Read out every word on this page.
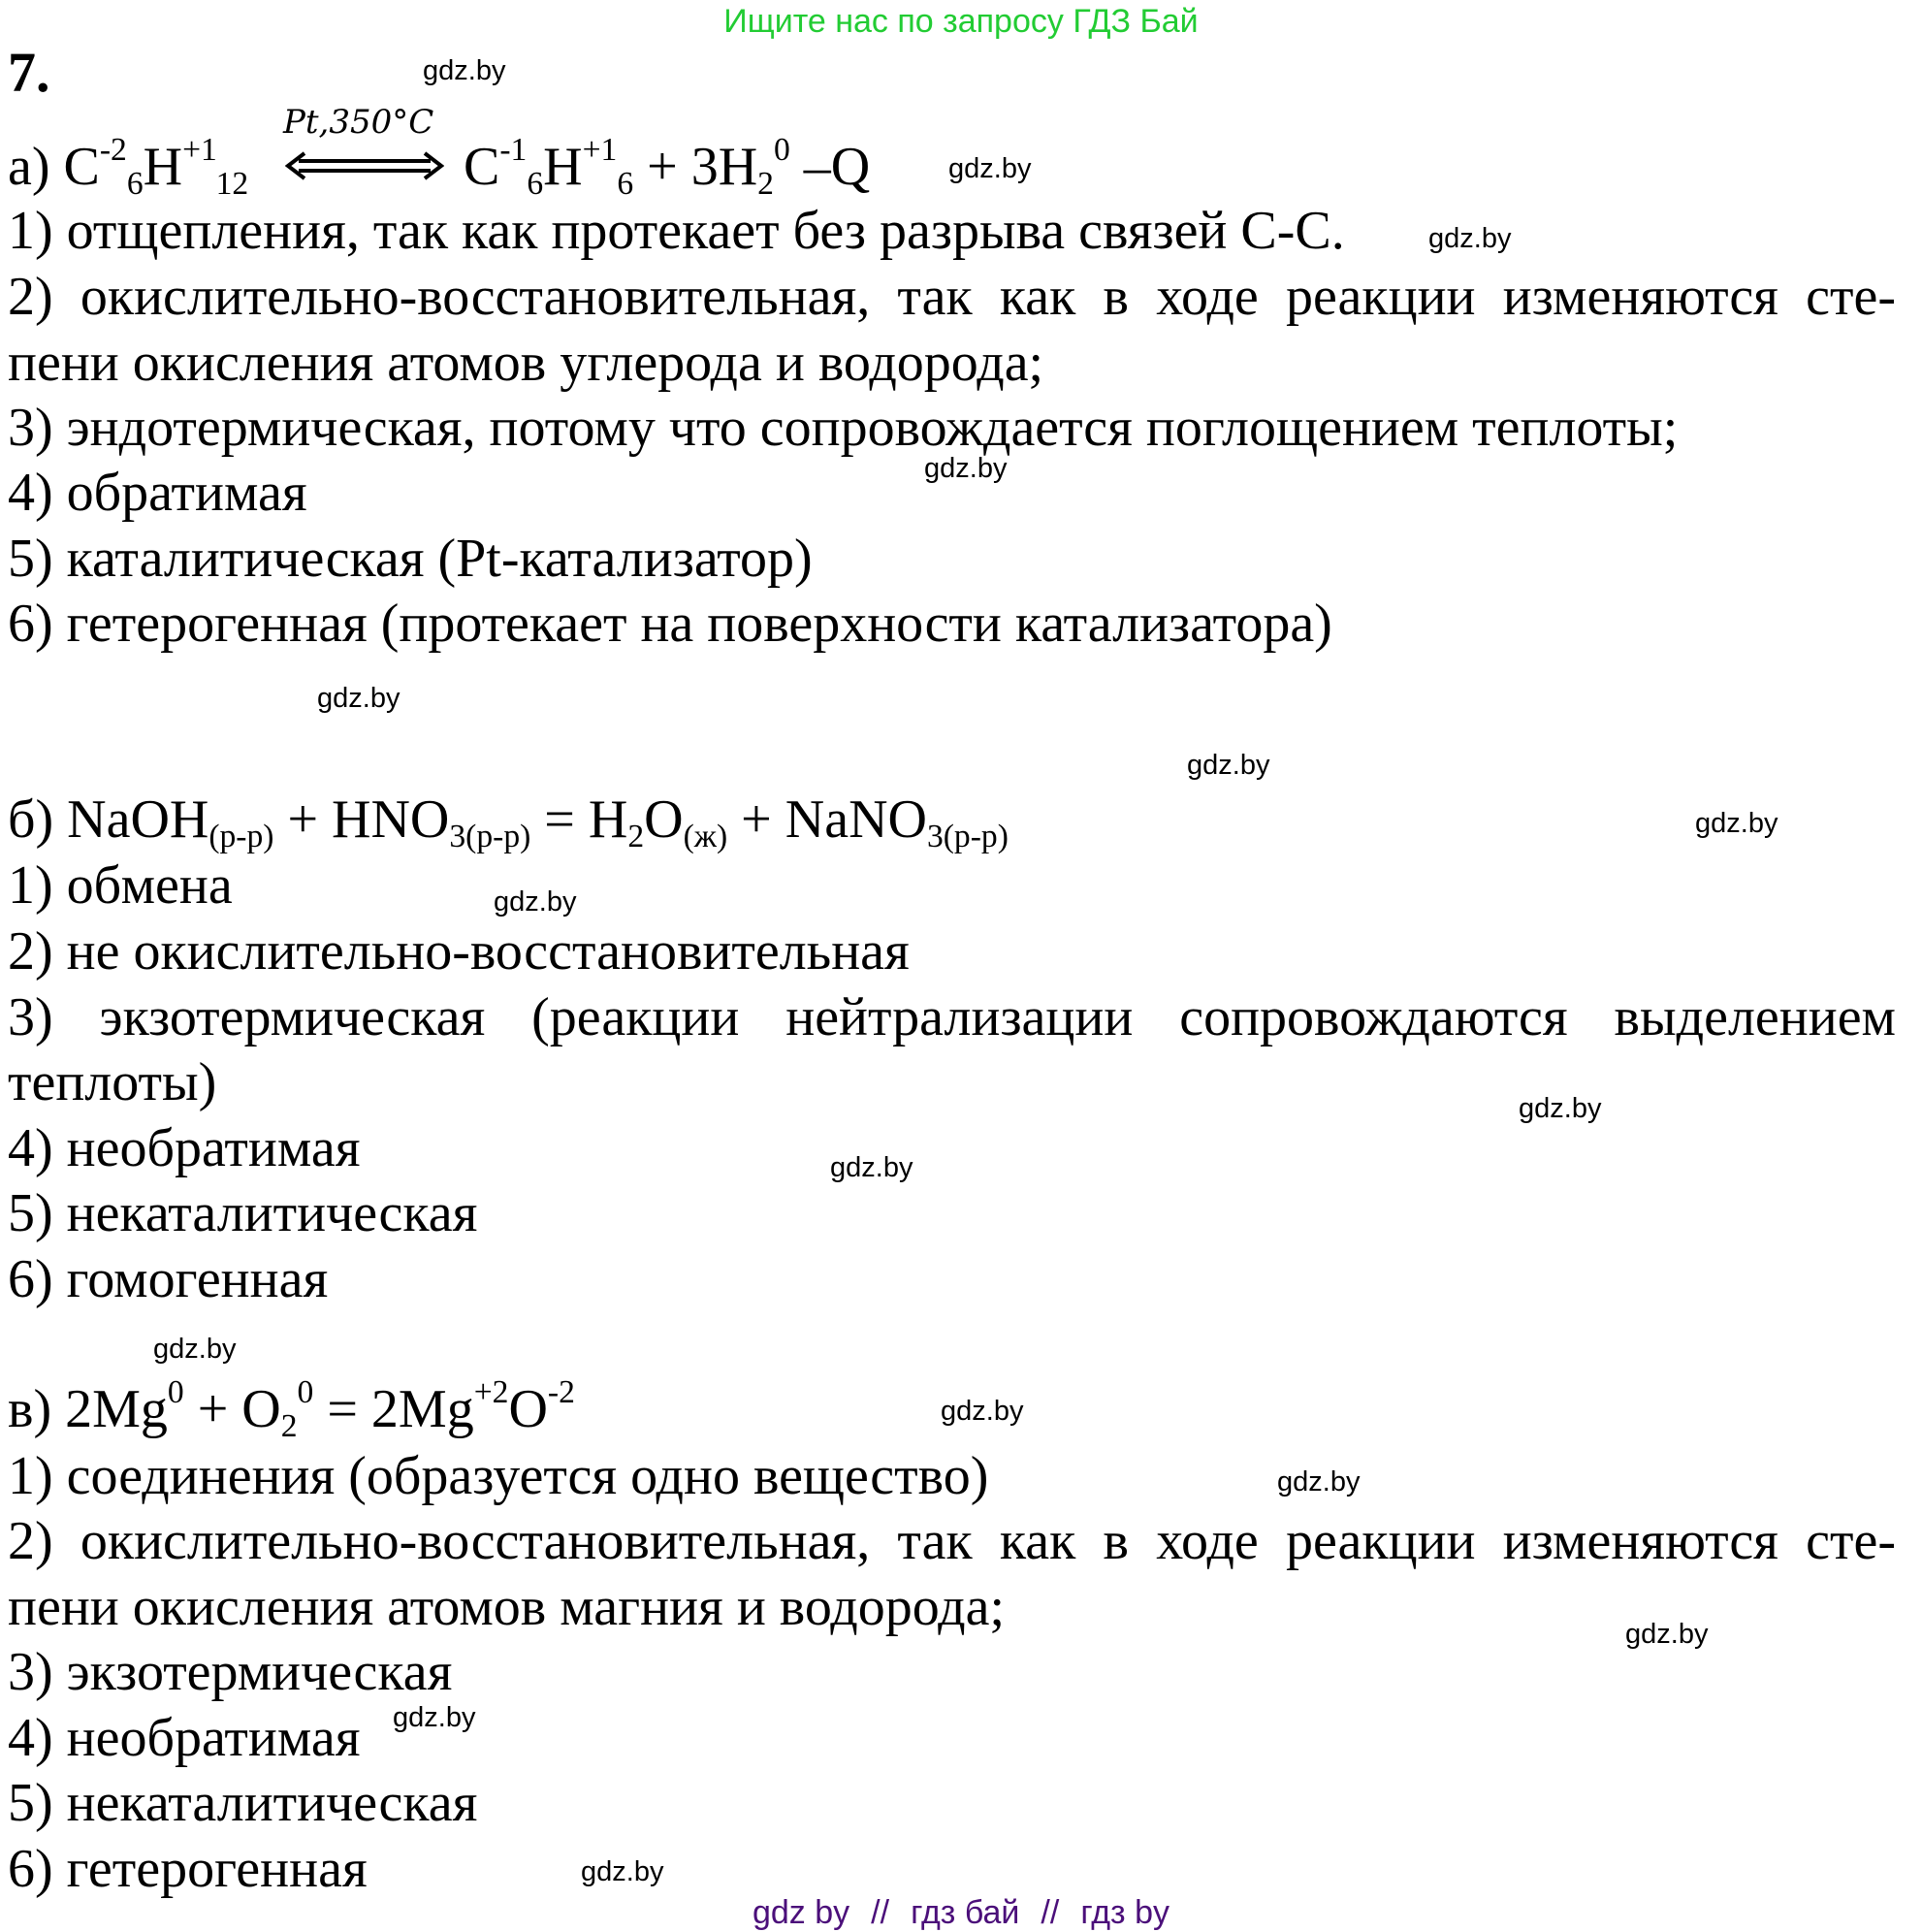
Ищите нас по запросу ГДЗ Бай
7.
Pt,350°C
а) $C^{-2}_6H^{+1}_{12}$	$C^{-1}_6H^{+1}_6 + 3H_2^0$ –Q
1) отщепления, так как протекает без разрыва связей С-С.
2) окислительно-восстановительная, так как в ходе реакции изменяются сте-
пени окисления атомов углерода и водорода;
3) эндотермическая, потому что сопровождается поглощением теплоты;
4) обратимая
5) каталитическая (Pt-катализатор)
6) гетерогенная (протекает на поверхности катализатора)
б) NaOH(р-р) + HNO3(р-р) = H2O(ж) + NaNO3(р-р)
1) обмена
2) не окислительно-восстановительная
3) экзотермическая (реакции нейтрализации сопровождаются выделением
теплоты)
4) необратимая
5) некаталитическая
6) гомогенная
в) $2Mg^0 + O_2^0 = 2Mg^{+2}O^{-2}$
1) соединения (образуется одно вещество)
2) окислительно-восстановительная, так как в ходе реакции изменяются сте-
пени окисления атомов магния и водорода;
3) экзотермическая
4) необратимая
5) некаталитическая
6) гетерогенная
gdz.by
gdz.by
gdz.by
gdz.by
gdz.by
gdz.by
gdz.by
gdz.by
gdz.by
gdz.by
gdz.by
gdz.by
gdz.by
gdz.by
gdz.by
gdz.by
gdz by // гдз бай // гдз by
